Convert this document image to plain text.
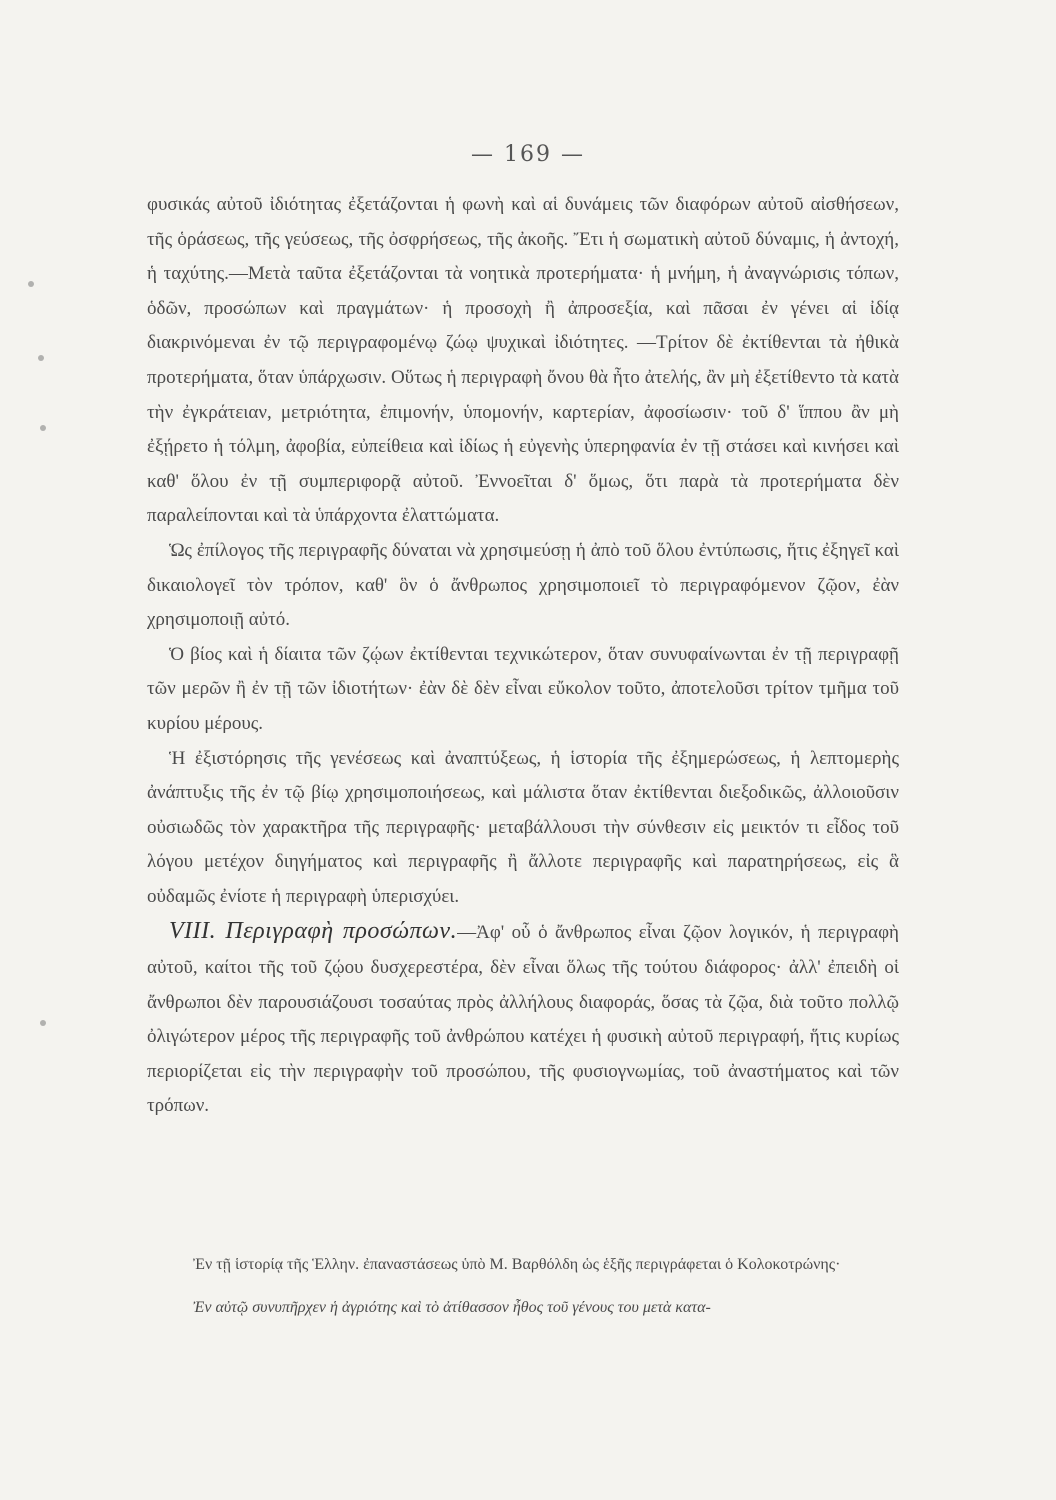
— 169 —

φυσικάς αὐτοῦ ἰδιότητας ἐξετάζονται ἡ φωνὴ καὶ αἱ δυνάμεις τῶν διαφόρων αὐτοῦ αἰσθήσεων, τῆς ὁράσεως, τῆς γεύσεως, τῆς ὀσφρήσεως, τῆς ἀκοῆς. Ἔτι ἡ σωματικὴ αὐτοῦ δύναμις, ἡ ἀντοχή, ἡ ταχύτης.—Μετὰ ταῦτα ἐξετάζονται τὰ νοητικὰ προτερήματα· ἡ μνήμη, ἡ ἀναγνώρισις τόπων, ὁδῶν, προσώπων καὶ πραγμάτων· ἡ προσοχὴ ἢ ἀπροσεξία, καὶ πᾶσαι ἐν γένει αἱ ἰδίᾳ διακρινόμεναι ἐν τῷ περιγραφομένῳ ζώῳ ψυχικαὶ ἰδιότητες. —Τρίτον δὲ ἐκτίθενται τὰ ἠθικὰ προτερήματα, ὅταν ὑπάρχωσιν. Οὕτως ἡ περιγραφὴ ὄνου θὰ ἦτο ἀτελής, ἂν μὴ ἐξετίθεντο τὰ κατὰ τὴν ἐγκράτειαν, μετριότητα, ἐπιμονήν, ὑπομονήν, καρτερίαν, ἀφοσίωσιν· τοῦ δ' ἵππου ἂν μὴ ἐξῄρετο ἡ τόλμη, ἀφοβία, εὐπείθεια καὶ ἰδίως ἡ εὐγενὴς ὑπερηφανία ἐν τῇ στάσει καὶ κινήσει καὶ καθ' ὅλου ἐν τῇ συμπεριφορᾷ αὐτοῦ. Ἐννοεῖται δ' ὅμως, ὅτι παρὰ τὰ προτερήματα δὲν παραλείπονται καὶ τὰ ὑπάρχοντα ἐλαττώματα.

Ὡς ἐπίλογος τῆς περιγραφῆς δύναται νὰ χρησιμεύσῃ ἡ ἀπὸ τοῦ ὅλου ἐντύπωσις, ἥτις ἐξηγεῖ καὶ δικαιολογεῖ τὸν τρόπον, καθ' ὃν ὁ ἄνθρωπος χρησιμοποιεῖ τὸ περιγραφόμενον ζῷον, ἐὰν χρησιμοποιῇ αὐτό.

Ὁ βίος καὶ ἡ δίαιτα τῶν ζῴων ἐκτίθενται τεχνικώτερον, ὅταν συνυφαίνωνται ἐν τῇ περιγραφῇ τῶν μερῶν ἢ ἐν τῇ τῶν ἰδιοτήτων· ἐὰν δὲ δὲν εἶναι εὔκολον τοῦτο, ἀποτελοῦσι τρίτον τμῆμα τοῦ κυρίου μέρους.

Ἡ ἐξιστόρησις τῆς γενέσεως καὶ ἀναπτύξεως, ἡ ἱστορία τῆς ἐξημερώσεως, ἡ λεπτομερὴς ἀνάπτυξις τῆς ἐν τῷ βίῳ χρησιμοποιήσεως, καὶ μάλιστα ὅταν ἐκτίθενται διεξοδικῶς, ἀλλοιοῦσιν οὐσιωδῶς τὸν χαρακτῆρα τῆς περιγραφῆς· μεταβάλλουσι τὴν σύνθεσιν εἰς μεικτόν τι εἶδος τοῦ λόγου μετέχον διηγήματος καὶ περιγραφῆς ἢ ἄλλοτε περιγραφῆς καὶ παρατηρήσεως, εἰς ἃ οὐδαμῶς ἐνίοτε ἡ περιγραφὴ ὑπερισχύει.

VIII. Περιγραφὴ προσώπων.—Ἀφ' οὗ ὁ ἄνθρωπος εἶναι ζῷον λογικόν, ἡ περιγραφὴ αὐτοῦ, καίτοι τῆς τοῦ ζῴου δυσχερεστέρα, δὲν εἶναι ὅλως τῆς τούτου διάφορος· ἀλλ' ἐπειδὴ οἱ ἄνθρωποι δὲν παρουσιάζουσι τοσαύτας πρὸς ἀλλήλους διαφοράς, ὅσας τὰ ζῷα, διὰ τοῦτο πολλῷ ὀλιγώτερον μέρος τῆς περιγραφῆς τοῦ ἀνθρώπου κατέχει ἡ φυσικὴ αὐτοῦ περιγραφή, ἥτις κυρίως περιορίζεται εἰς τὴν περιγραφὴν τοῦ προσώπου, τῆς φυσιογνωμίας, τοῦ ἀναστήματος καὶ τῶν τρόπων.

Ἐν τῇ ἱστορίᾳ τῆς Ἑλλην. ἐπαναστάσεως ὑπὸ Μ. Βαρθόλδη ὡς ἑξῆς περιγράφεται ὁ Κολοκοτρώνης·

Ἐν αὐτῷ συνυπῆρχεν ἡ ἀγριότης καὶ τὸ ἀτίθασσον ἦθος τοῦ γένους του μετὰ κατα-
